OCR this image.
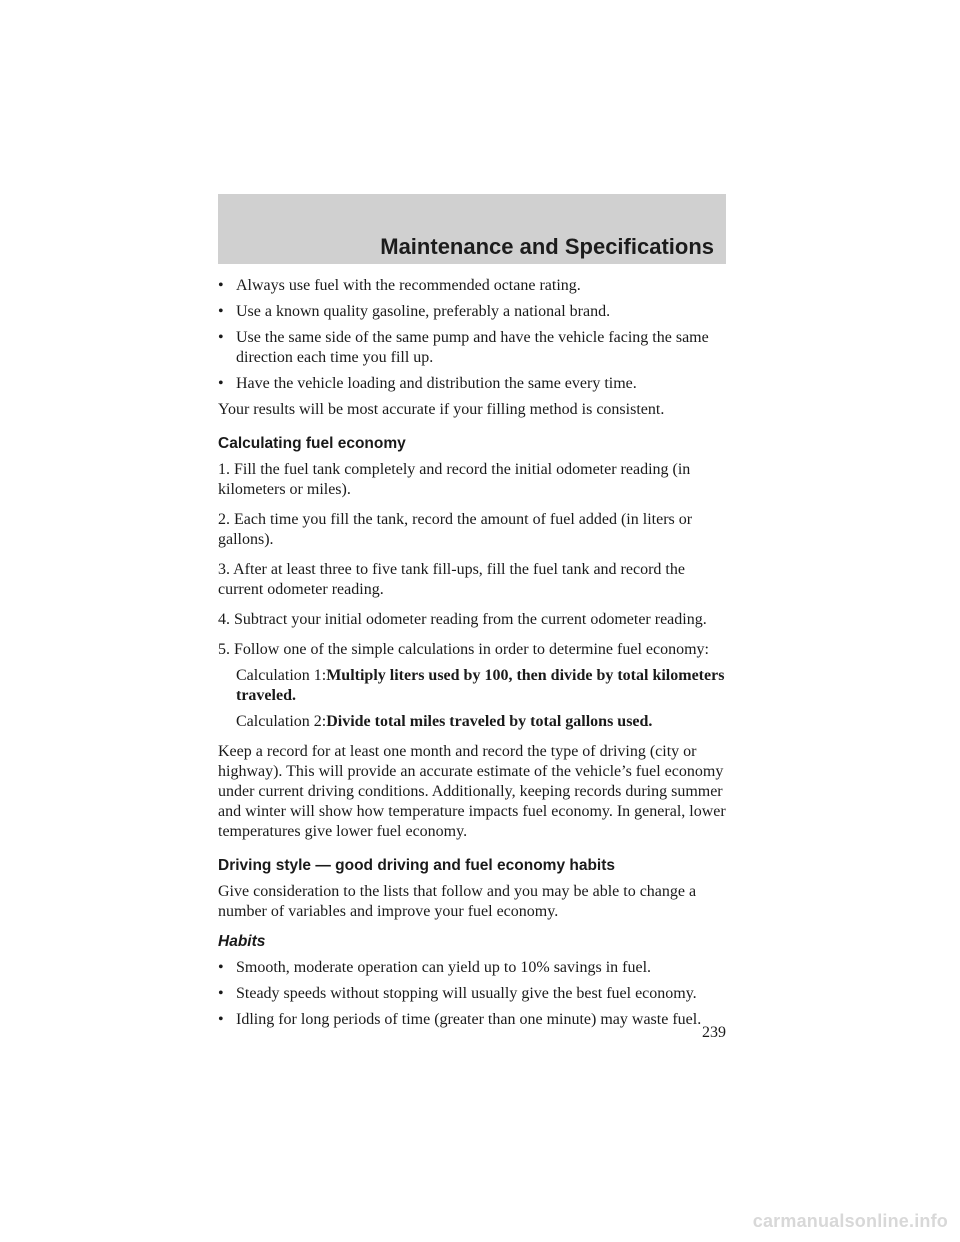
Maintenance and Specifications
• Always use fuel with the recommended octane rating.
• Use a known quality gasoline, preferably a national brand.
• Use the same side of the same pump and have the vehicle facing the same direction each time you fill up.
• Have the vehicle loading and distribution the same every time.

Your results will be most accurate if your filling method is consistent.

Calculating fuel economy

1. Fill the fuel tank completely and record the initial odometer reading (in kilometers or miles).

2. Each time you fill the tank, record the amount of fuel added (in liters or gallons).

3. After at least three to five tank fill-ups, fill the fuel tank and record the current odometer reading.

4. Subtract your initial odometer reading from the current odometer reading.

5. Follow one of the simple calculations in order to determine fuel economy:

Calculation 1:Multiply liters used by 100, then divide by total kilometers traveled.

Calculation 2:Divide total miles traveled by total gallons used.

Keep a record for at least one month and record the type of driving (city or highway). This will provide an accurate estimate of the vehicle’s fuel economy under current driving conditions. Additionally, keeping records during summer and winter will show how temperature impacts fuel economy. In general, lower temperatures give lower fuel economy.

Driving style — good driving and fuel economy habits

Give consideration to the lists that follow and you may be able to change a number of variables and improve your fuel economy.

Habits
• Smooth, moderate operation can yield up to 10% savings in fuel.
• Steady speeds without stopping will usually give the best fuel economy.
• Idling for long periods of time (greater than one minute) may waste fuel.
239
carmanualsonline.info
